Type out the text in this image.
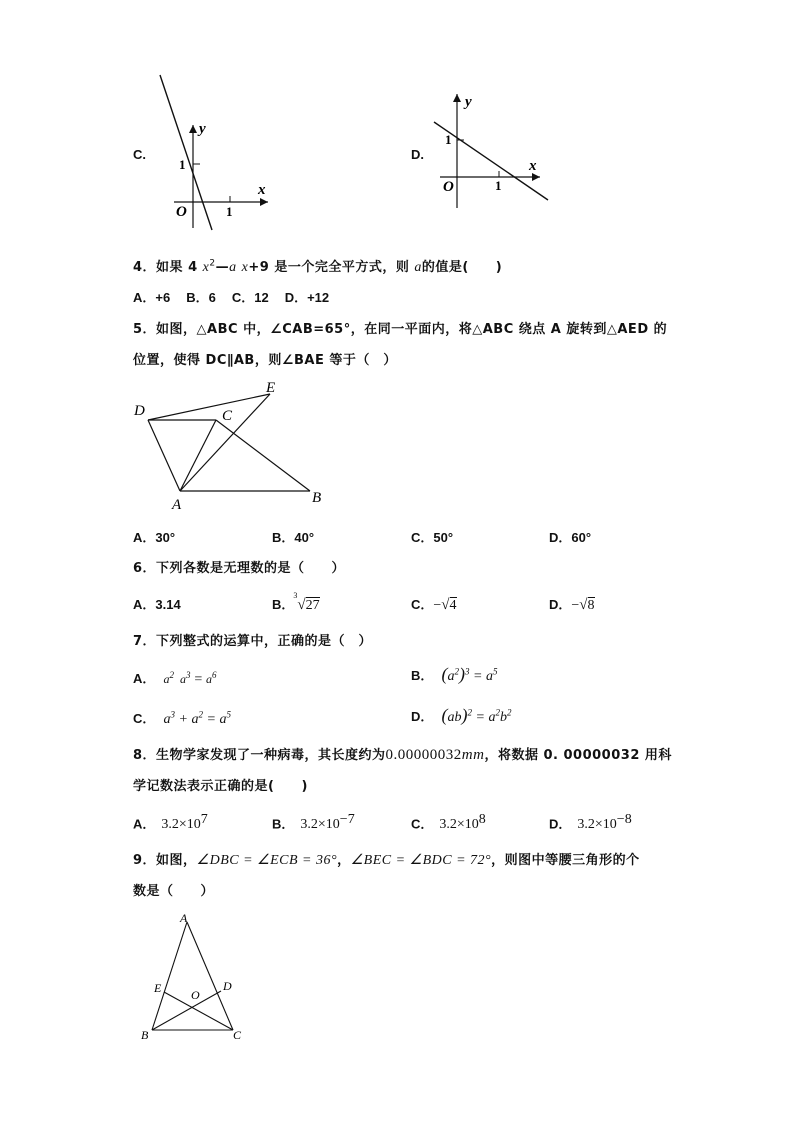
C.
y
x
1
1
O
D.
y
x
1
1
O
4．如果 4 $x^2—a$ x+9 是一个完全平方式，则 a的值是(　　)
A．+6 B．6 C．12 D．+12
5．如图，△ABC 中，∠CAB=65°，在同一平面内，将△ABC 绕点 A 旋转到△AED 的
位置，使得 DC∥AB，则∠BAE 等于（　）
D	C
E
A	B
A．30°	B．40°	C．50°	D．60°
6．下列各数是无理数的是（　　）
A．3.14	B．
3
√27	C．−√4	D．−√8
7．下列整式的运算中，正确的是（　）
A． $a^2$  $a^3 = a^6$	B． $(a^2)^3 = a^5$
C． $a^3 + a^2 = a^5$	D． $(ab)^2 = a^2b^2$
8．生物学家发现了一种病毒，其长度约为0.00000032mm，将数据 0. 00000032 用科
学记数法表示正确的是(　　)
A． $3.2\times 10^7$	B． $3.2\times 10^{-7}$	C． $3.2\times 10^8$	D． $3.2\times 10^{-8}$
9．如图，∠DBC = ∠ECB = 36°，∠BEC = ∠BDC = 72°，则图中等腰三角形的个
数是（　　）
A
E	D
O
B	C
